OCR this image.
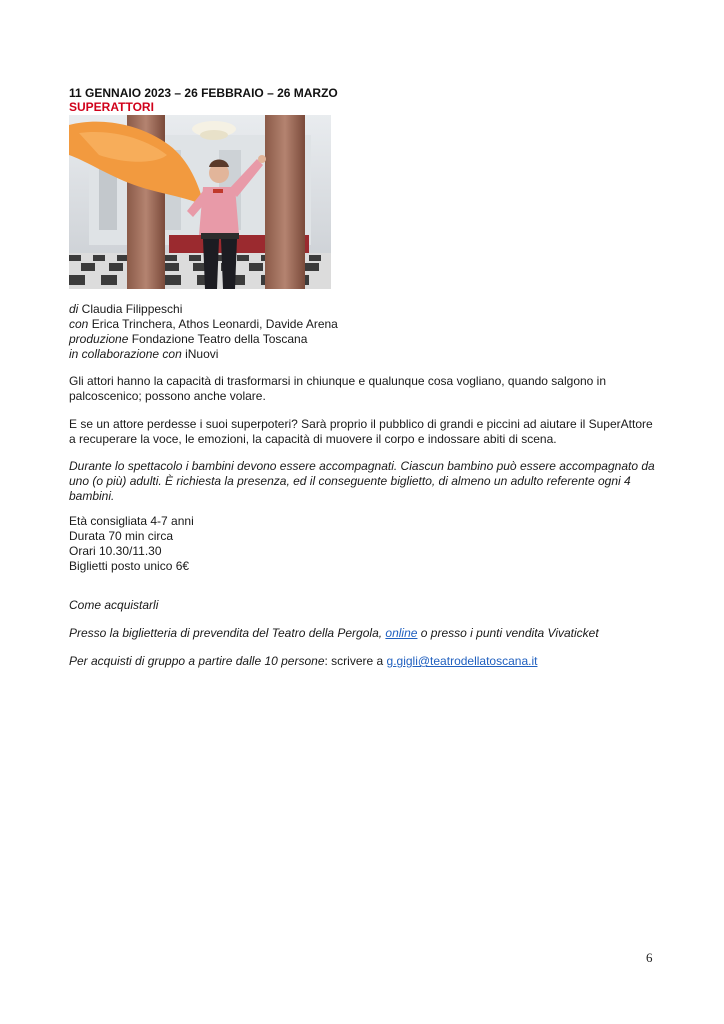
11 GENNAIO 2023 – 26 FEBBRAIO – 26 MARZO
SUPERATTORI
di Claudia Filippeschi
con Erica Trinchera, Athos Leonardi, Davide Arena
produzione Fondazione Teatro della Toscana
in collaborazione con iNuovi

Gli attori hanno la capacità di trasformarsi in chiunque e qualunque cosa vogliano, quando salgono in palcoscenico; possono anche volare.

E se un attore perdesse i suoi superpoteri? Sarà proprio il pubblico di grandi e piccini ad aiutare il SuperAttore a recuperare la voce, le emozioni, la capacità di muovere il corpo e indossare abiti di scena.

Durante lo spettacolo i bambini devono essere accompagnati. Ciascun bambino può essere accompagnato da uno (o più) adulti. È richiesta la presenza, ed il conseguente biglietto, di almeno un adulto referente ogni 4 bambini.

Età consigliata 4-7 anni
Durata 70 min circa
Orari 10.30/11.30
Biglietti posto unico 6€

Come acquistarli

Presso la biglietteria di prevendita del Teatro della Pergola, online o presso i punti vendita Vivaticket

Per acquisti di gruppo a partire dalle 10 persone: scrivere a g.gigli@teatrodellatoscana.it

6
